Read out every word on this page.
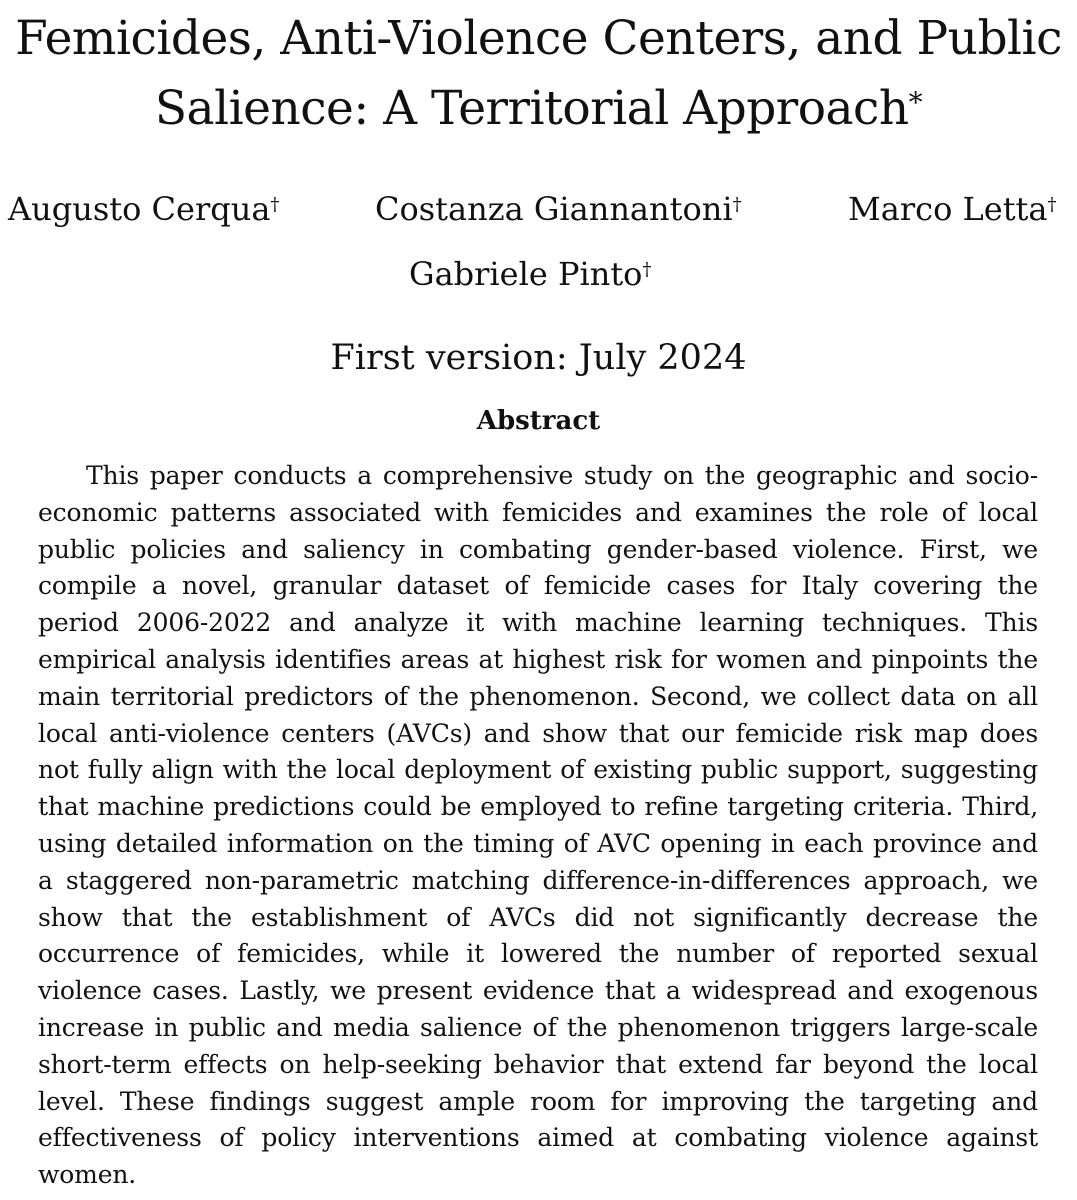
Femicides, Anti-Violence Centers, and Public Salience: A Territorial Approach*
Augusto Cerqua†	Costanza Giannantoni†	Marco Letta†
Gabriele Pinto†
First version: July 2024
Abstract
This paper conducts a comprehensive study on the geographic and socio-economic patterns associated with femicides and examines the role of local public policies and saliency in combating gender-based violence. First, we compile a novel, granular dataset of femicide cases for Italy covering the period 2006-2022 and analyze it with machine learning techniques. This empirical analysis identifies areas at highest risk for women and pinpoints the main territorial predictors of the phenomenon. Second, we collect data on all local anti-violence centers (AVCs) and show that our femicide risk map does not fully align with the local deployment of existing public support, suggesting that machine predictions could be employed to refine targeting criteria. Third, using detailed information on the timing of AVC opening in each province and a staggered non-parametric matching difference-in-differences approach, we show that the establishment of AVCs did not significantly decrease the occurrence of femicides, while it lowered the number of reported sexual violence cases. Lastly, we present evidence that a widespread and exogenous increase in public and media salience of the phenomenon triggers large-scale short-term effects on help-seeking behavior that extend far beyond the local level. These findings suggest ample room for improving the targeting and effectiveness of policy interventions aimed at combating violence against women.
